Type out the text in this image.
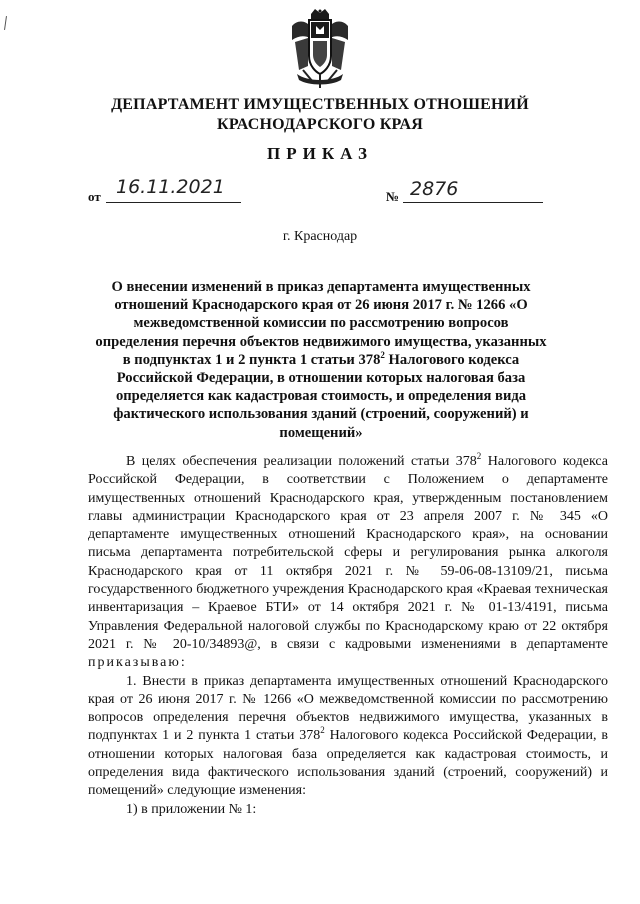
ДЕПАРТАМЕНТ ИМУЩЕСТВЕННЫХ ОТНОШЕНИЙ
КРАСНОДАРСКОГО КРАЯ
ПРИКАЗ
от 16.11.2021	№ 2876
г. Краснодар
О внесении изменений в приказ департамента имущественных отношений Краснодарского края от 26 июня 2017 г. № 1266 «О межведомственной комиссии по рассмотрению вопросов определения перечня объектов недвижимого имущества, указанных в подпунктах 1 и 2 пункта 1 статьи $378^2$ Налогового кодекса Российской Федерации, в отношении которых налоговая база определяется как кадастровая стоимость, и определения вида фактического использования зданий (строений, сооружений) и помещений»

В целях обеспечения реализации положений статьи $378^2$ Налогового кодекса Российской Федерации, в соответствии с Положением о департаменте имущественных отношений Краснодарского края, утвержденным постановлением главы администрации Краснодарского края от 23 апреля 2007 г. № 345 «О департаменте имущественных отношений Краснодарского края», на основании письма департамента потребительской сферы и регулирования рынка алкоголя Краснодарского края от 11 октября 2021 г. № 59-06-08-13109/21, письма государственного бюджетного учреждения Краснодарского края «Краевая техническая инвентаризация – Краевое БТИ» от 14 октября 2021 г. № 01-13/4191, письма Управления Федеральной налоговой службы по Краснодарскому краю от 22 октября 2021 г. № 20-10/34893@, в связи с кадровыми изменениями в департаменте приказываю:

1. Внести в приказ департамента имущественных отношений Краснодарского края от 26 июня 2017 г. № 1266 «О межведомственной комиссии по рассмотрению вопросов определения перечня объектов недвижимого имущества, указанных в подпунктах 1 и 2 пункта 1 статьи $378^2$ Налогового кодекса Российской Федерации, в отношении которых налоговая база определяется как кадастровая стоимость, и определения вида фактического использования зданий (строений, сооружений) и помещений» следующие изменения:

1) в приложении № 1:
